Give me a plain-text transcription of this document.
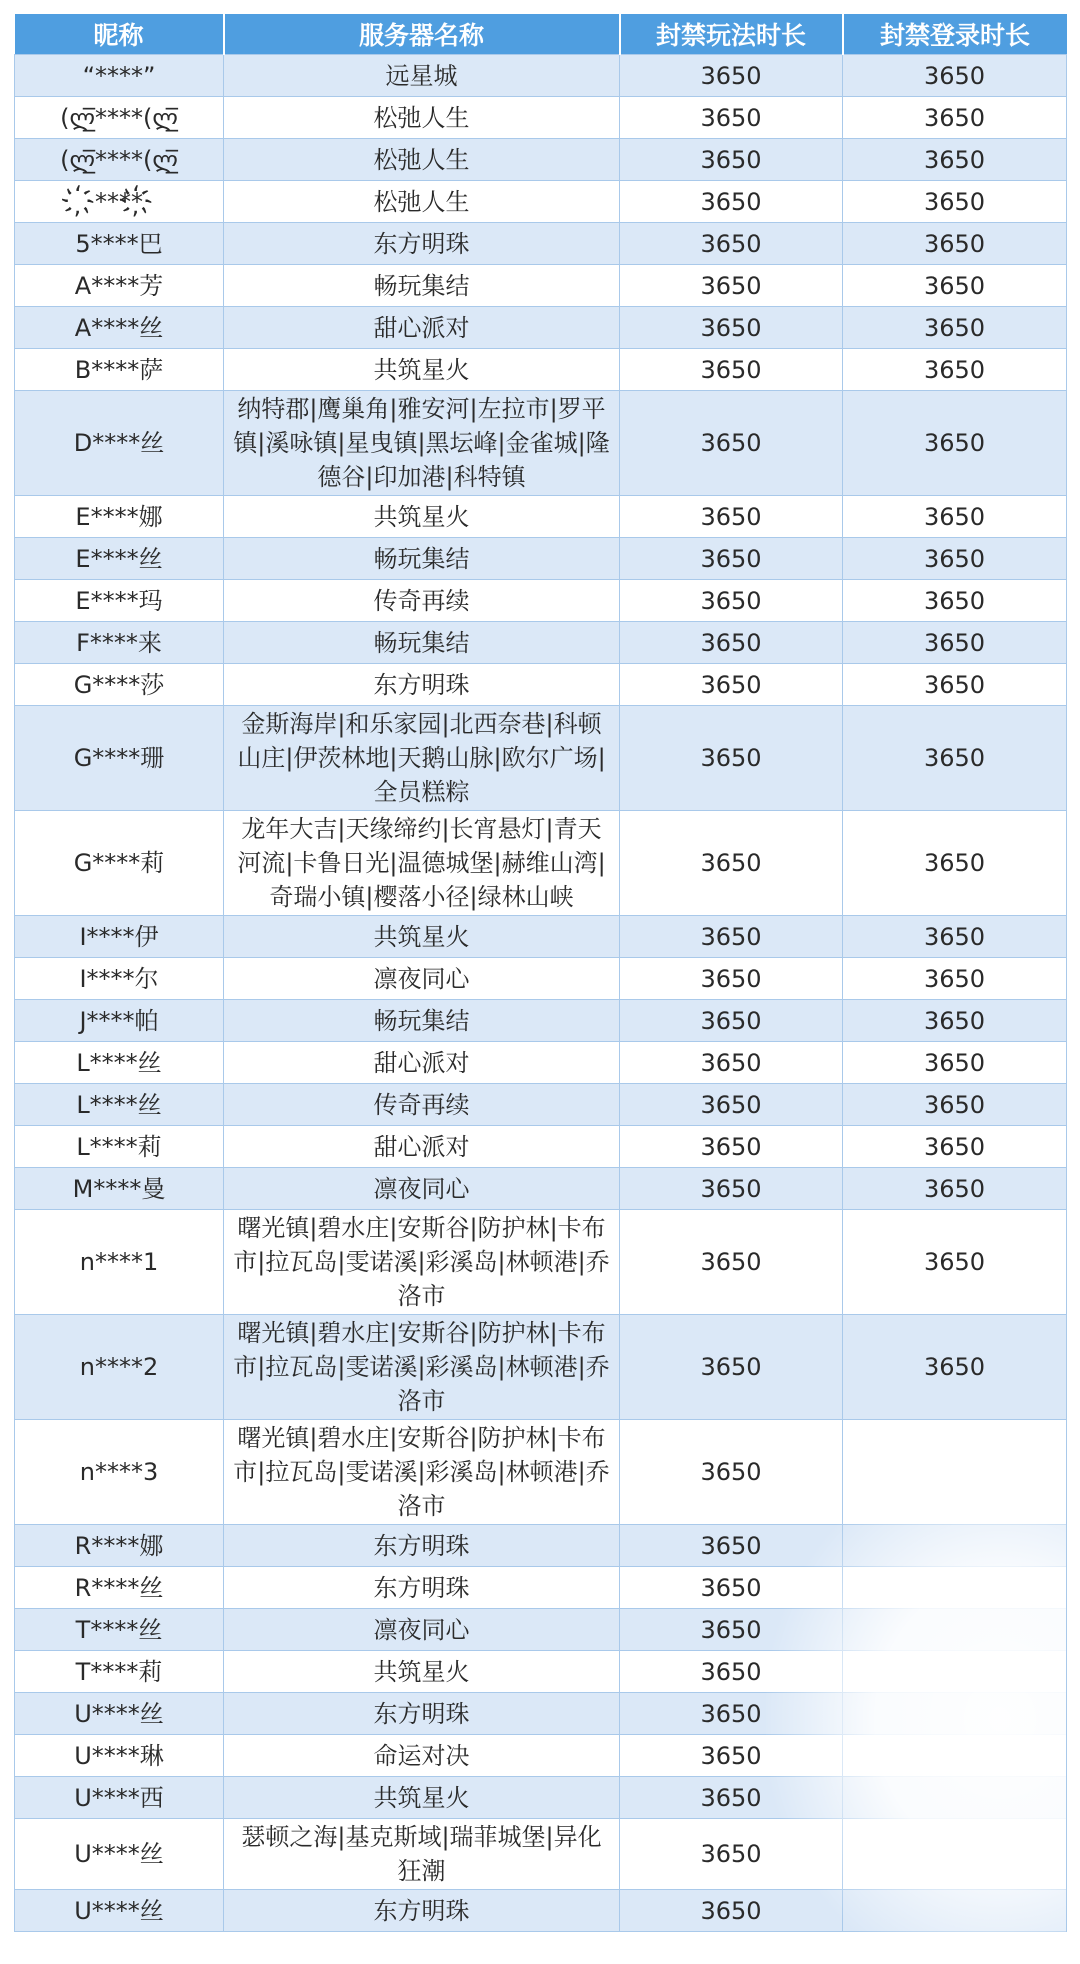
昵称	服务器名称	封禁玩法时长	封禁登录时长
“****”	远星城	3650	3650
(ლ̲̅****(ლ̲̅	松弛人生	3650	3650
(ლ̲̅****(ლ̲̅	松弛人生	3650	3650
҉****҉	松弛人生	3650	3650
5****巴	东方明珠	3650	3650
A****芳	畅玩集结	3650	3650
A****丝	甜心派对	3650	3650
B****萨	共筑星火	3650	3650
D****丝	纳特郡|鹰巢角|雅安河|左拉市|罗平镇|溪咏镇|星曳镇|黑坛峰|金雀城|隆德谷|印加港|科特镇	3650	3650
E****娜	共筑星火	3650	3650
E****丝	畅玩集结	3650	3650
E****玛	传奇再续	3650	3650
F****来	畅玩集结	3650	3650
G****莎	东方明珠	3650	3650
G****珊	金斯海岸|和乐家园|北西奈巷|科顿山庄|伊茨林地|天鹅山脉|欧尔广场|全员糕粽	3650	3650
G****莉	龙年大吉|天缘缔约|长宵悬灯|青天河流|卡鲁日光|温德城堡|赫维山湾|奇瑞小镇|樱落小径|绿林山峡	3650	3650
I****伊	共筑星火	3650	3650
I****尔	凛夜同心	3650	3650
J****帕	畅玩集结	3650	3650
L****丝	甜心派对	3650	3650
L****丝	传奇再续	3650	3650
L****莉	甜心派对	3650	3650
M****曼	凛夜同心	3650	3650
n****1	曙光镇|碧水庄|安斯谷|防护林|卡布市|拉瓦岛|雯诺溪|彩溪岛|林顿港|乔洛市	3650	3650
n****2	曙光镇|碧水庄|安斯谷|防护林|卡布市|拉瓦岛|雯诺溪|彩溪岛|林顿港|乔洛市	3650	3650
n****3	曙光镇|碧水庄|安斯谷|防护林|卡布市|拉瓦岛|雯诺溪|彩溪岛|林顿港|乔洛市	3650	
R****娜	东方明珠	3650	
R****丝	东方明珠	3650	
T****丝	凛夜同心	3650	
T****莉	共筑星火	3650	
U****丝	东方明珠	3650	
U****琳	命运对决	3650	
U****西	共筑星火	3650	
U****丝	瑟顿之海|基克斯域|瑞菲城堡|异化狂潮	3650	
U****丝	东方明珠	3650	
